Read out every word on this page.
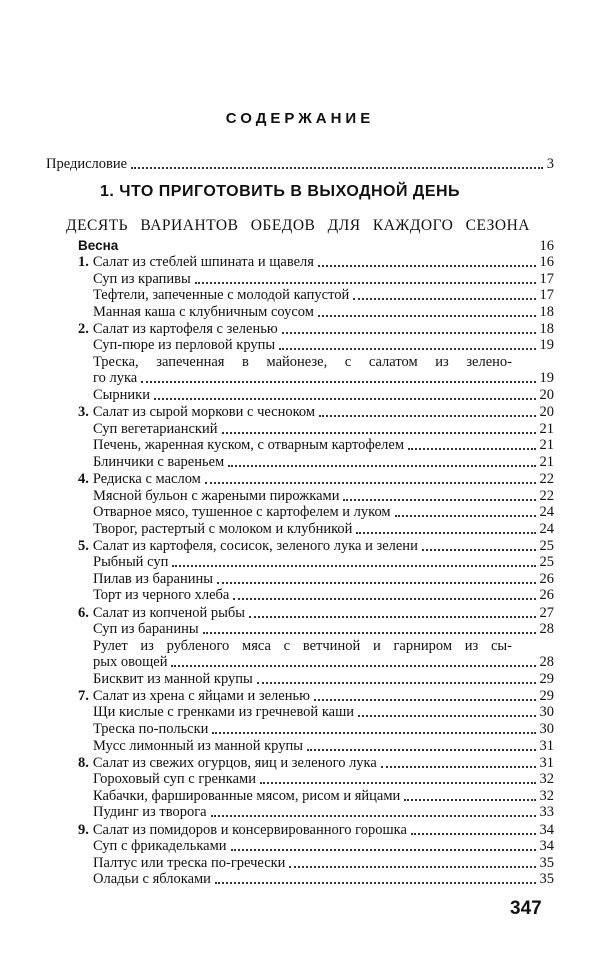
СОДЕРЖАНИЕ
Предисловие	3
1. ЧТО ПРИГОТОВИТЬ В ВЫХОДНОЙ ДЕНЬ
ДЕСЯТЬ ВАРИАНТОВ ОБЕДОВ ДЛЯ КАЖДОГО СЕЗОНА
Весна	16
1. Салат из стеблей шпината и щавеля	16
Суп из крапивы	17
Тефтели, запеченные с молодой капустой	17
Манная каша с клубничным соусом	18
2. Салат из картофеля с зеленью	18
Суп-пюре из перловой крупы	19
Треска, запеченная в майонезе, с салатом из зелено-
го лука	19
Сырники	20
3. Салат из сырой моркови с чесноком	20
Суп вегетарианский	21
Печень, жаренная куском, с отварным картофелем	21
Блинчики с вареньем	21
4. Редиска с маслом	22
Мясной бульон с жареными пирожками	22
Отварное мясо, тушенное с картофелем и луком	24
Творог, растертый с молоком и клубникой	24
5. Салат из картофеля, сосисок, зеленого лука и зелени	25
Рыбный суп	25
Пилав из баранины	26
Торт из черного хлеба	26
6. Салат из копченой рыбы	27
Суп из баранины	28
Рулет из рубленого мяса с ветчиной и гарниром из сы-
рых овощей	28
Бисквит из манной крупы	29
7. Салат из хрена с яйцами и зеленью	29
Щи кислые с гренками из гречневой каши	30
Треска по-польски	30
Мусс лимонный из манной крупы	31
8. Салат из свежих огурцов, яиц и зеленого лука	31
Гороховый суп с гренками	32
Кабачки, фаршированные мясом, рисом и яйцами	32
Пудинг из творога	33
9. Салат из помидоров и консервированного горошка	34
Суп с фрикадельками	34
Палтус или треска по-гречески	35
Оладьи с яблоками	35
347
